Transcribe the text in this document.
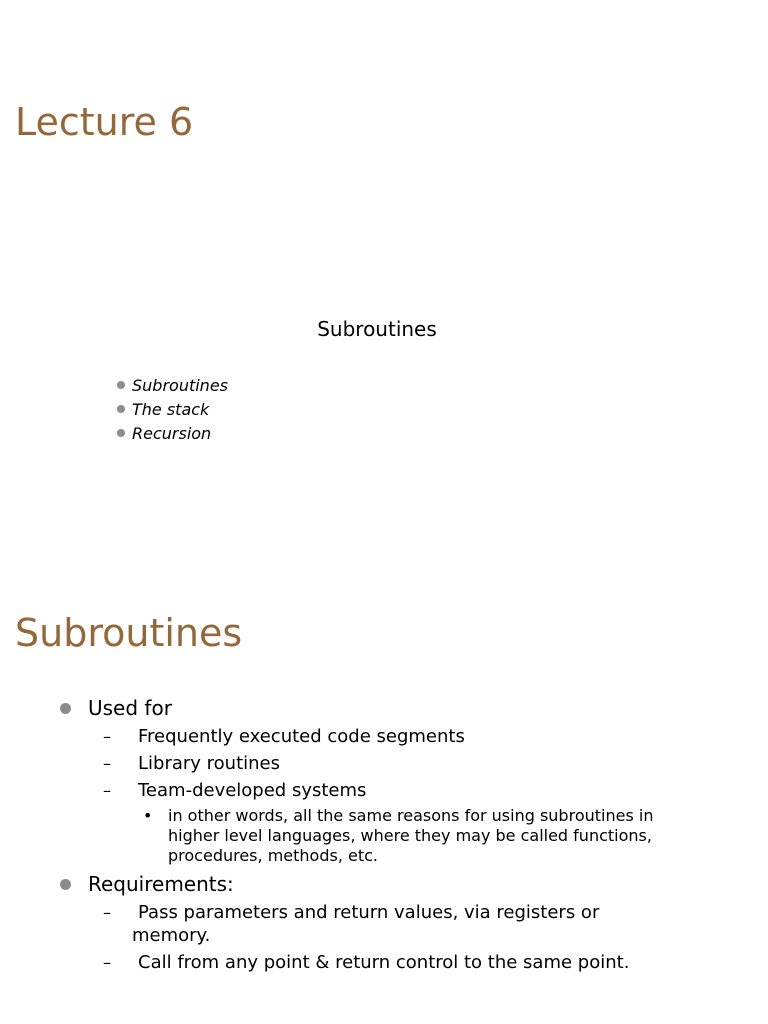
Lecture 6

Subroutines

Subroutines
The stack
Recursion
Subroutines
Used for
–	Frequently executed code segments
–	Library routines
–	Team-developed systems
• in other words, all the same reasons for using subroutines in higher level languages, where they may be called functions, procedures, methods, etc.
Requirements:
–	Pass parameters and return values, via registers or memory.
–	Call from any point & return control to the same point.
